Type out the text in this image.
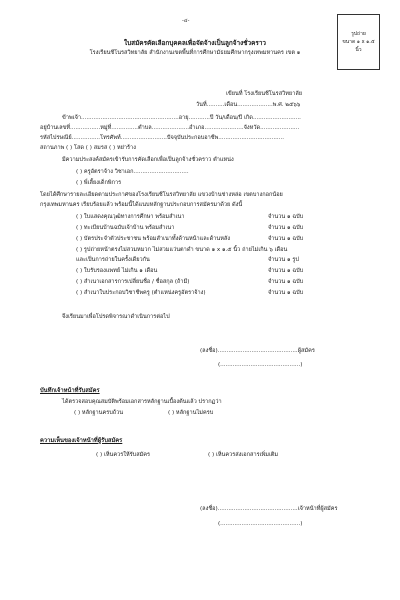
-๔-
รูปถ่าย
ขนาด ๑ x ๑.๕
นิ้ว
ใบสมัครคัดเลือกบุคคลเพื่อจัดจ้างเป็นลูกจ้างชั่วคราว
โรงเรียนชีโนรสวิทยาลัย สำนักงานเขตพื้นที่การศึกษามัธยมศึกษากรุงเทพมหานคร เขต ๑
เขียนที่ โรงเรียนชีโนรสวิทยาลัย
วันที่..........เดือน....................พ.ศ. ๒๕๖๖
ข้าพเจ้า.......................................................อายุ............ปี วัน/เดือน/ปี เกิด...........................
อยู่บ้านเลขที่.................หมู่ที่...............ตำบล.....................อำเภอ......................จังหวัด......................
รหัสไปรษณีย์................โทรศัพท์..........................ปัจจุบันประกอบอาชีพ.....................................
สถานภาพ ( ) โสด ( ) สมรส ( ) หย่าร้าง
มีความประสงค์สมัครเข้ารับการคัดเลือกเพื่อเป็นลูกจ้างชั่วคราว ตำแหน่ง
( ) ครูอัตราจ้าง วิชาเอก...............................
( ) พี่เลี้ยงเด็กพิการ
โดยได้ศึกษารายละเอียดตามประกาศของโรงเรียนชีโนรสวิทยาลัย แขวงบ้านช่างหล่อ เขตบางกอกน้อย
กรุงเทพมหานคร เรียบร้อยแล้ว พร้อมนี้ได้แนบหลักฐานประกอบการสมัครมาด้วย ดังนี้
( ) ใบแสดงคุณวุฒิทางการศึกษา พร้อมสำเนา	จำนวน ๑ ฉบับ
( ) ทะเบียนบ้านฉบับเจ้าบ้าน พร้อมสำเนา	จำนวน ๑ ฉบับ
( ) บัตรประจำตัวประชาชน พร้อมสำเนาทั้งด้านหน้าและด้านหลัง	จำนวน ๑ ฉบับ
( ) รูปถ่ายหน้าตรงไม่สวมหมวก ไม่สวมแว่นตาดำ ขนาด ๑ x ๑.๕ นิ้ว ถ่ายไม่เกิน ๖ เดือน
และเป็นการถ่ายในครั้งเดียวกัน	จำนวน ๑ รูป
( ) ใบรับรองแพทย์ ไม่เกิน ๑ เดือน	จำนวน ๑ ฉบับ
( ) สำเนาเอกสารการเปลี่ยนชื่อ / ชื่อสกุล (ถ้ามี)	จำนวน ๑ ฉบับ
( ) สำเนาใบประกอบวิชาชีพครู (ตำแหน่งครูอัตราจ้าง)	จำนวน ๑ ฉบับ
จึงเรียนมาเพื่อโปรดพิจารณาดำเนินการต่อไป
(ลงชื่อ).............................................ผู้สมัคร
(.............................................)
บันทึกเจ้าหน้าที่รับสมัคร
ได้ตรวจสอบคุณสมบัติพร้อมเอกสารหลักฐานเบื้องต้นแล้ว ปรากฏว่า
( ) หลักฐานครบถ้วน	( ) หลักฐานไม่ครบ
ความเห็นของเจ้าหน้าที่ผู้รับสมัคร
( ) เห็นควรให้รับสมัคร	( ) เห็นควรส่งเอกสารเพิ่มเติม
(ลงชื่อ).............................................เจ้าหน้าที่ผู้สมัคร
(.............................................)
